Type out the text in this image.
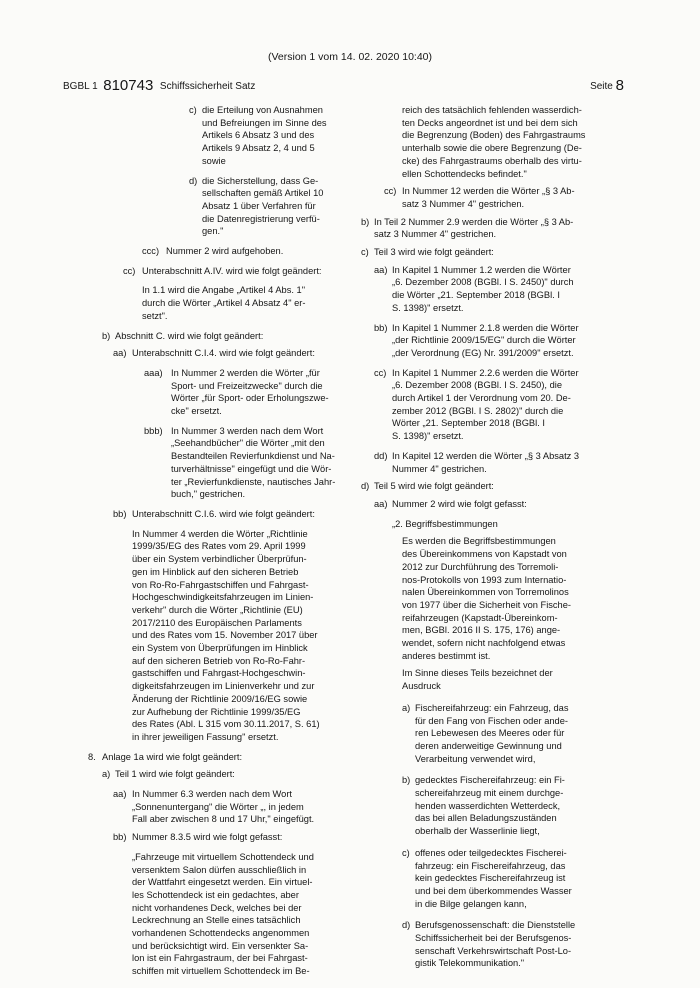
(Version 1 vom 14. 02. 2020 10:40)
BGBL 1 810743 Schiffssicherheit Satz	Seite 8
c) die Erteilung von Ausnahmen
und Befreiungen im Sinne des
Artikels 6 Absatz 3 und des
Artikels 9 Absatz 2, 4 und 5
sowie
d) die Sicherstellung, dass Ge-
sellschaften gemäß Artikel 10
Absatz 1 über Verfahren für
die Datenregistrierung verfü-
gen."
ccc) Nummer 2 wird aufgehoben.
cc) Unterabschnitt A.IV. wird wie folgt geändert:
In 1.1 wird die Angabe „Artikel 4 Abs. 1"
durch die Wörter „Artikel 4 Absatz 4" er-
setzt".
b) Abschnitt C. wird wie folgt geändert:
aa) Unterabschnitt C.I.4. wird wie folgt geändert:
aaa) In Nummer 2 werden die Wörter „für
Sport- und Freizeitzwecke" durch die
Wörter „für Sport- oder Erholungszwe-
cke" ersetzt.
bbb) In Nummer 3 werden nach dem Wort
„Seehandbücher" die Wörter „mit den
Bestandteilen Revierfunkdienst und Na-
turverhältnisse" eingefügt und die Wör-
ter „Revierfunkdienste, nautisches Jahr-
buch," gestrichen.
bb) Unterabschnitt C.I.6. wird wie folgt geändert:
In Nummer 4 werden die Wörter „Richtlinie
1999/35/EG des Rates vom 29. April 1999
über ein System verbindlicher Überprüfun-
gen im Hinblick auf den sicheren Betrieb
von Ro-Ro-Fahrgastschiffen und Fahrgast-
Hochgeschwindigkeitsfahrzeugen im Linien-
verkehr" durch die Wörter „Richtlinie (EU)
2017/2110 des Europäischen Parlaments
und des Rates vom 15. November 2017 über
ein System von Überprüfungen im Hinblick
auf den sicheren Betrieb von Ro-Ro-Fahr-
gastschiffen und Fahrgast-Hochgeschwin-
digkeitsfahrzeugen im Linienverkehr und zur
Änderung der Richtlinie 2009/16/EG sowie
zur Aufhebung der Richtlinie 1999/35/EG
des Rates (Abl. L 315 vom 30.11.2017, S. 61)
in ihrer jeweiligen Fassung" ersetzt.
8. Anlage 1a wird wie folgt geändert:
a) Teil 1 wird wie folgt geändert:
aa) In Nummer 6.3 werden nach dem Wort
„Sonnenuntergang" die Wörter „, in jedem
Fall aber zwischen 8 und 17 Uhr," eingefügt.
bb) Nummer 8.3.5 wird wie folgt gefasst:
„Fahrzeuge mit virtuellem Schottendeck und
versenktem Salon dürfen ausschließlich in
der Wattfahrt eingesetzt werden. Ein virtuel-
les Schottendeck ist ein gedachtes, aber
nicht vorhandenes Deck, welches bei der
Leckrechnung an Stelle eines tatsächlich
vorhandenen Schottendecks angenommen
und berücksichtigt wird. Ein versenkter Sa-
lon ist ein Fahrgastraum, der bei Fahrgast-
schiffen mit virtuellem Schottendeck im Be-
reich des tatsächlich fehlenden wasserdich-
ten Decks angeordnet ist und bei dem sich
die Begrenzung (Boden) des Fahrgastraums
unterhalb sowie die obere Begrenzung (De-
cke) des Fahrgastraums oberhalb des virtu-
ellen Schottendecks befindet."
cc) In Nummer 12 werden die Wörter „§ 3 Ab-
satz 3 Nummer 4" gestrichen.
b) In Teil 2 Nummer 2.9 werden die Wörter „§ 3 Ab-
satz 3 Nummer 4" gestrichen.
c) Teil 3 wird wie folgt geändert:
aa) In Kapitel 1 Nummer 1.2 werden die Wörter
„6. Dezember 2008 (BGBl. I S. 2450)" durch
die Wörter „21. September 2018 (BGBl. I
S. 1398)" ersetzt.
bb) In Kapitel 1 Nummer 2.1.8 werden die Wörter
„der Richtlinie 2009/15/EG" durch die Wörter
„der Verordnung (EG) Nr. 391/2009" ersetzt.
cc) In Kapitel 1 Nummer 2.2.6 werden die Wörter
„6. Dezember 2008 (BGBl. I S. 2450), die
durch Artikel 1 der Verordnung vom 20. De-
zember 2012 (BGBl. I S. 2802)" durch die
Wörter „21. September 2018 (BGBl. I
S. 1398)" ersetzt.
dd) In Kapitel 12 werden die Wörter „§ 3 Absatz 3
Nummer 4" gestrichen.
d) Teil 5 wird wie folgt geändert:
aa) Nummer 2 wird wie folgt gefasst:
„2. Begriffsbestimmungen
Es werden die Begriffsbestimmungen
des Übereinkommens von Kapstadt von
2012 zur Durchführung des Torremoli-
nos-Protokolls von 1993 zum Internatio-
nalen Übereinkommen von Torremolinos
von 1977 über die Sicherheit von Fische-
reifahrzeugen (Kapstadt-Übereinkom-
men, BGBl. 2016 II S. 175, 176) ange-
wendet, sofern nicht nachfolgend etwas
anderes bestimmt ist.
Im Sinne dieses Teils bezeichnet der
Ausdruck
a) Fischereifahrzeug: ein Fahrzeug, das
für den Fang von Fischen oder ande-
ren Lebewesen des Meeres oder für
deren anderweitige Gewinnung und
Verarbeitung verwendet wird,
b) gedecktes Fischereifahrzeug: ein Fi-
schereifahrzeug mit einem durchge-
henden wasserdichten Wetterdeck,
das bei allen Beladungszuständen
oberhalb der Wasserlinie liegt,
c) offenes oder teilgedecktes Fischerei-
fahrzeug: ein Fischereifahrzeug, das
kein gedecktes Fischereifahrzeug ist
und bei dem überkommendes Wasser
in die Bilge gelangen kann,
d) Berufsgenossenschaft: die Dienststelle
Schiffssicherheit bei der Berufsgenos-
senschaft Verkehrswirtschaft Post-Lo-
gistik Telekommunikation."
